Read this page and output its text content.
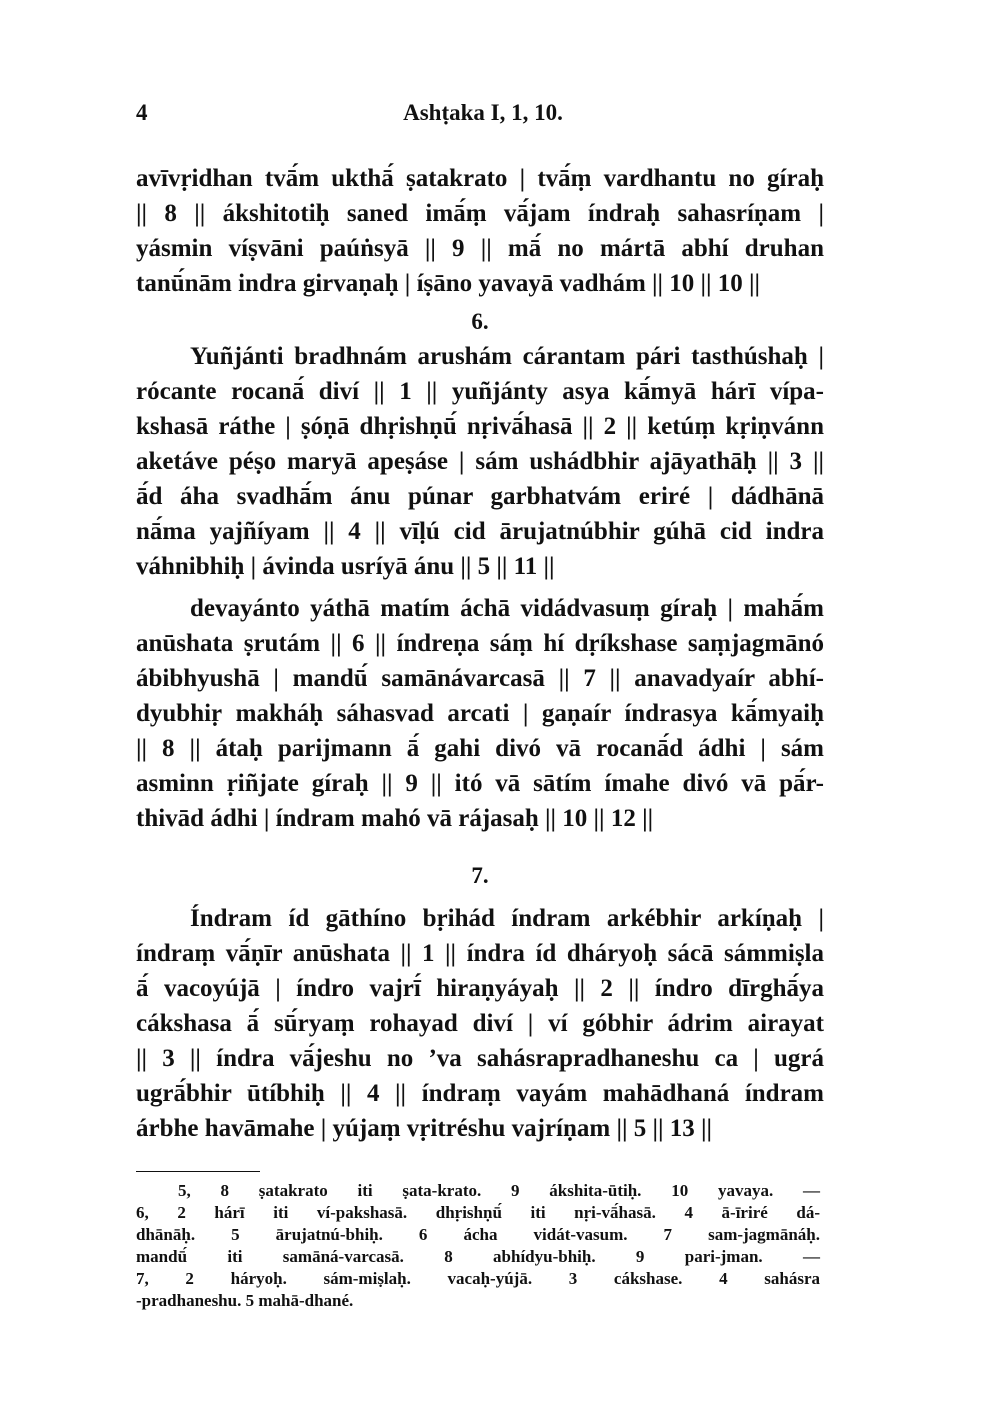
4	Ashṭaka I, 1, 10.
avīvṛidhan tvā́m ukthā́ ṣatakrato | tvā́ṃ vardhantu no gíraḥ
|| 8 || ákshitotiḥ saned imā́ṃ vā́jam índraḥ sahasríṇam |
yásmin víṣvāni paúṅsyā || 9 || mā́ no mártā abhí druhan
tanū́nām indra girvaṇaḥ | íṣāno yavayā vadhám || 10 || 10 ||
6.
Yuñjánti bradhnám arushám cárantam pári tasthúshaḥ |
rócante rocanā́ diví || 1 || yuñjánty asya kā́myā hárī vípa-
kshasā ráthe | ṣóṇā dhṛishṇū́ nṛivā́hasā || 2 || ketúṃ kṛiṇvánn
aketáve péṣo maryā apeṣáse | sám ushádbhir ajāyathāḥ || 3 ||
ā́d áha svadhā́m ánu púnar garbhatvám eriré | dádhānā
nā́ma yajñíyam || 4 || vīḷú cid ārujatnúbhir gúhā cid indra
váhnibhiḥ | ávinda usríyā ánu || 5 || 11 ||
devayánto yáthā matím áchā vidádvasuṃ gíraḥ | mahā́m
anūshata ṣrutám || 6 || índreṇa sáṃ hí dṛíkshase saṃjagmānó
ábibhyushā | mandū́ samānávarcasā || 7 || anavadyaír abhí-
dyubhiṛ makháḥ sáhasvad arcati | gaṇaír índrasya kā́myaiḥ
|| 8 || átaḥ parijmann ā́ gahi divó vā rocanā́d ádhi | sám
asminn ṛiñjate gíraḥ || 9 || itó vā sātím ímahe divó vā pā́r-
thivād ádhi | índram mahó vā rájasaḥ || 10 || 12 ||
7.
Índram íd gāthíno bṛihád índram arkébhir arkíṇaḥ |
índraṃ vā́ṇīr anūshata || 1 || índra íd dháryoḥ sácā sámmiṣla
ā́ vacoyújā | índro vajrī́ hiraṇyáyaḥ || 2 || índro dīrghā́ya
cákshasa ā́ sū́ryaṃ rohayad diví | ví góbhir ádrim airayat
|| 3 || índra vā́jeshu no ’va sahásrapradhaneshu ca | ugrá
ugrā́bhir ūtíbhiḥ || 4 || índraṃ vayám mahādhaná índram
árbhe havāmahe | yújaṃ vṛitréshu vajríṇam || 5 || 13 ||
5, 8 ṣatakrato iti ṣata-krato. 9 ákshita-ūtiḥ. 10 yavaya. —
6, 2 hárī iti ví-pakshasā. dhṛishṇū́ iti nṛi-vā́hasā. 4 ā-īriré dá-
dhānāḥ. 5 ārujatnú-bhiḥ. 6 ácha vidát-vasum. 7 sam-jagmānáḥ.
mandū́ iti samāná-varcasā. 8 abhídyu-bhiḥ. 9 pari-jman. —
7, 2 háryoḥ. sám-miṣlaḥ. vacaḥ-yújā. 3 cákshase. 4 sahásra
-pradhaneshu. 5 mahā-dhané.
